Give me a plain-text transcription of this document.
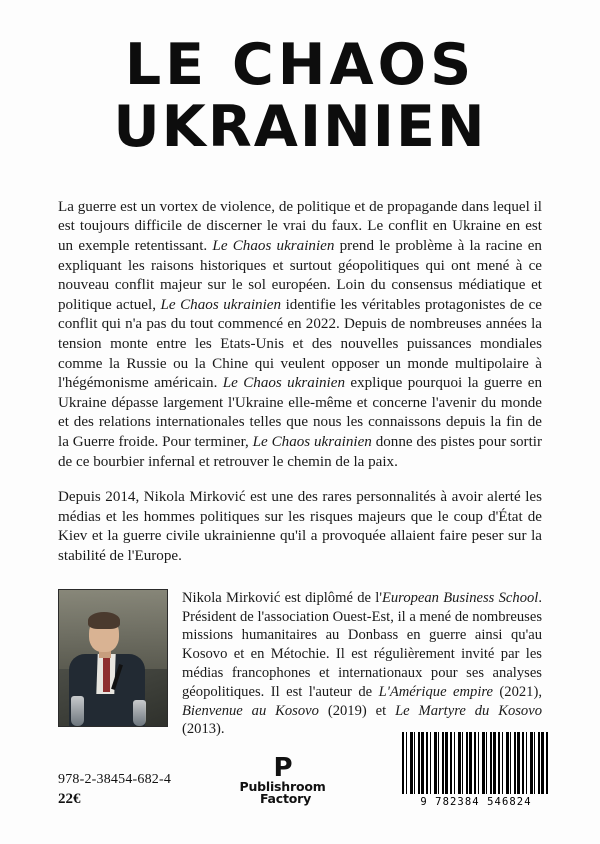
LE CHAOS
UKRAINIEN

La guerre est un vortex de violence, de politique et de propagande dans lequel il est toujours difficile de discerner le vrai du faux. Le conflit en Ukraine en est un exemple retentissant. Le Chaos ukrainien prend le problème à la racine en expliquant les raisons historiques et surtout géopolitiques qui ont mené à ce nouveau conflit majeur sur le sol européen. Loin du consensus médiatique et politique actuel, Le Chaos ukrainien identifie les véritables protagonistes de ce conflit qui n'a pas du tout commencé en 2022. Depuis de nombreuses années la tension monte entre les Etats-Unis et des nouvelles puissances mondiales comme la Russie ou la Chine qui veulent opposer un monde multipolaire à l'hégémonisme américain. Le Chaos ukrainien explique pourquoi la guerre en Ukraine dépasse largement l'Ukraine elle-même et concerne l'avenir du monde et des relations internationales telles que nous les connaissons depuis la fin de la Guerre froide. Pour terminer, Le Chaos ukrainien donne des pistes pour sortir de ce bourbier infernal et retrouver le chemin de la paix.

Depuis 2014, Nikola Mirković est une des rares personnalités à avoir alerté les médias et les hommes politiques sur les risques majeurs que le coup d'État de Kiev et la guerre civile ukrainienne qu'il a provoquée allaient faire peser sur la stabilité de l'Europe.

Nikola Mirković est diplômé de l'European Business School. Président de l'association Ouest-Est, il a mené de nombreuses missions humanitaires au Donbass en guerre ainsi qu'au Kosovo et en Métochie. Il est régulièrement invité par les médias francophones et internationaux pour ses analyses géopolitiques. Il est l'auteur de L'Amérique empire (2021), Bienvenue au Kosovo (2019) et Le Martyre du Kosovo (2013).
978-2-38454-682-4
22€
P
Publishroom
Factory	9 782384 546824
